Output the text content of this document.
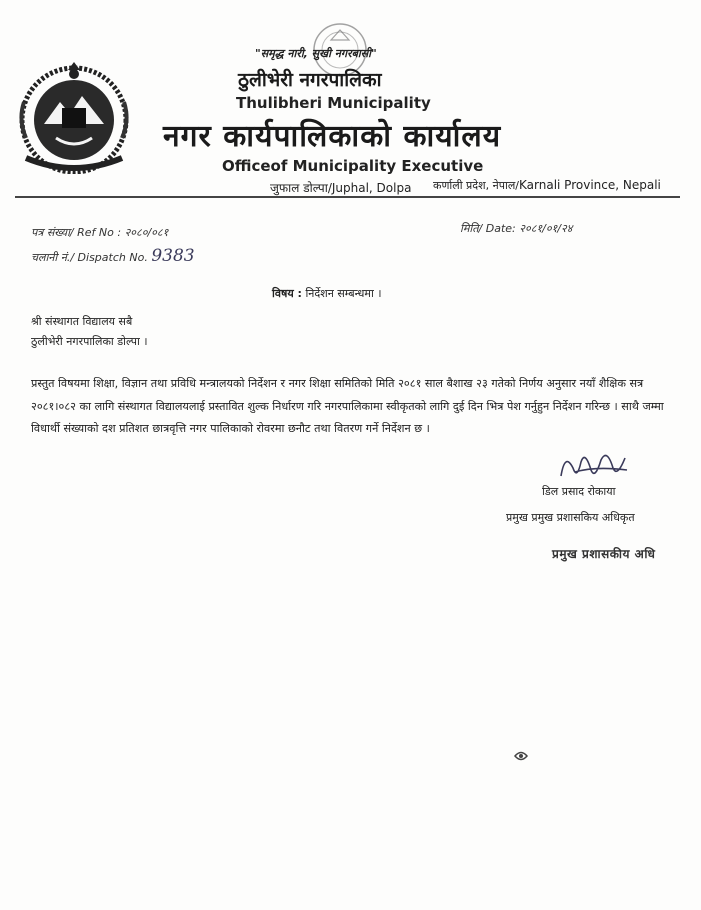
"समृद्ध नारी, सुखी नगरबासी"
ठुलीभेरी नगरपालिका
Thulibheri Municipality
नगर कार्यपालिकाको कार्यालय
Officeof Municipality Executive
जुफाल डोल्पा/Juphal, Dolpa कर्णाली प्रदेश, नेपाल/Karnali Province, Nepali
पत्र संख्या/ Ref No : २०८०/०८१
चलानी नं./ Dispatch No. 9383
मिति/ Date: २०८१/०१/२४
विषय : निर्देशन सम्बन्धमा ।
श्री संस्थागत विद्यालय सबै
ठुलीभेरी नगरपालिका डोल्पा ।
प्रस्तुत विषयमा शिक्षा, विज्ञान तथा प्रविधि मन्त्रालयको निर्देशन र नगर शिक्षा समितिको मिति २०८१ साल बैशाख २३ गतेको निर्णय अनुसार नयाँ शैक्षिक सत्र २०८१।०८२ का लागि संस्थागत विद्यालयलाई प्रस्तावित शुल्क निर्धारण गरि नगरपालिकामा स्वीकृतको लागि दुई दिन भित्र पेश गर्नुहुन निर्देशन गरिन्छ । साथै जम्मा विधार्थी संख्याको दश प्रतिशत छात्रवृत्ति नगर पालिकाको रोवरमा छनौट तथा वितरण गर्ने निर्देशन छ ।
डिल प्रसाद रोकाया
प्रमुख प्रमुख प्रशासकिय अधिकृत
प्रमुख प्रशासकीय अधि
